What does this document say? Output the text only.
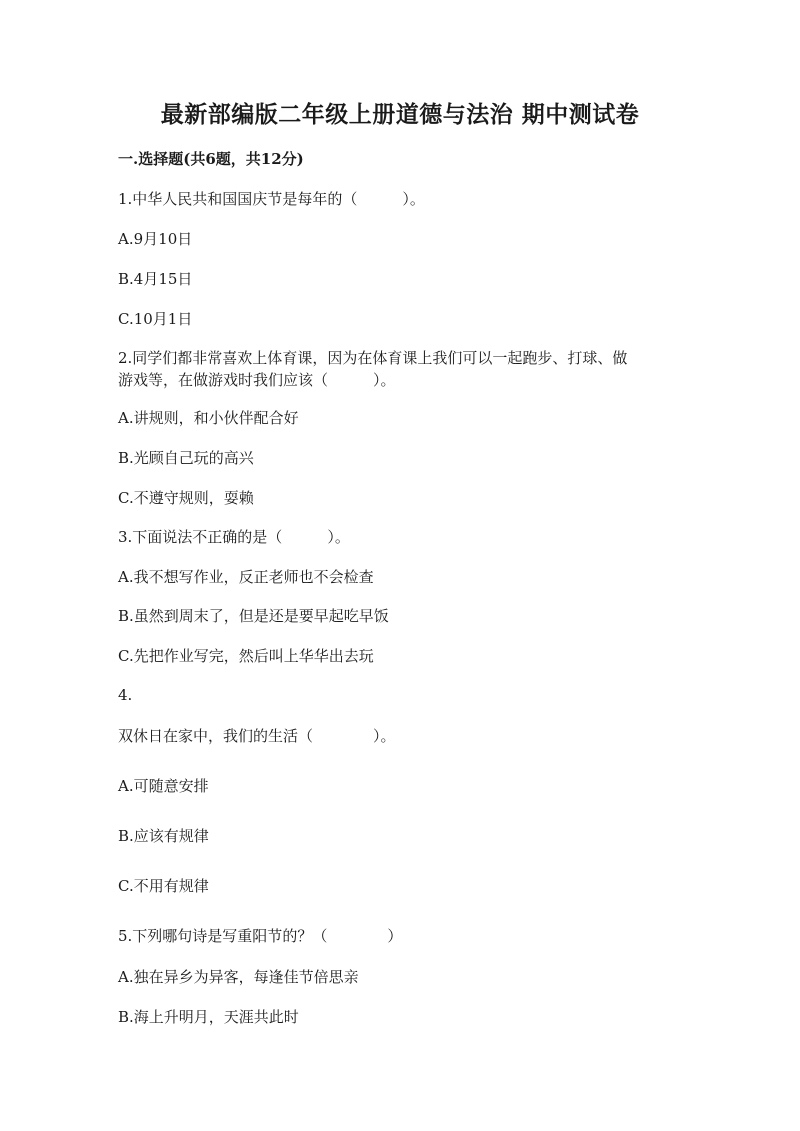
最新部编版二年级上册道德与法治 期中测试卷
一.选择题(共6题，共12分)
1.中华人民共和国国庆节是每年的（　　　）。
A.9月10日
B.4月15日
C.10月1日
2.同学们都非常喜欢上体育课，因为在体育课上我们可以一起跑步、打球、做
游戏等，在做游戏时我们应该（　　　）。
A.讲规则，和小伙伴配合好
B.光顾自己玩的高兴
C.不遵守规则，耍赖
3.下面说法不正确的是（　　　）。
A.我不想写作业，反正老师也不会检查
B.虽然到周末了，但是还是要早起吃早饭
C.先把作业写完，然后叫上华华出去玩
4.
双休日在家中，我们的生活（　　　　）。
A.可随意安排
B.应该有规律
C.不用有规律
5.下列哪句诗是写重阳节的？（　　　　）
A.独在异乡为异客，每逢佳节倍思亲
B.海上升明月，天涯共此时
